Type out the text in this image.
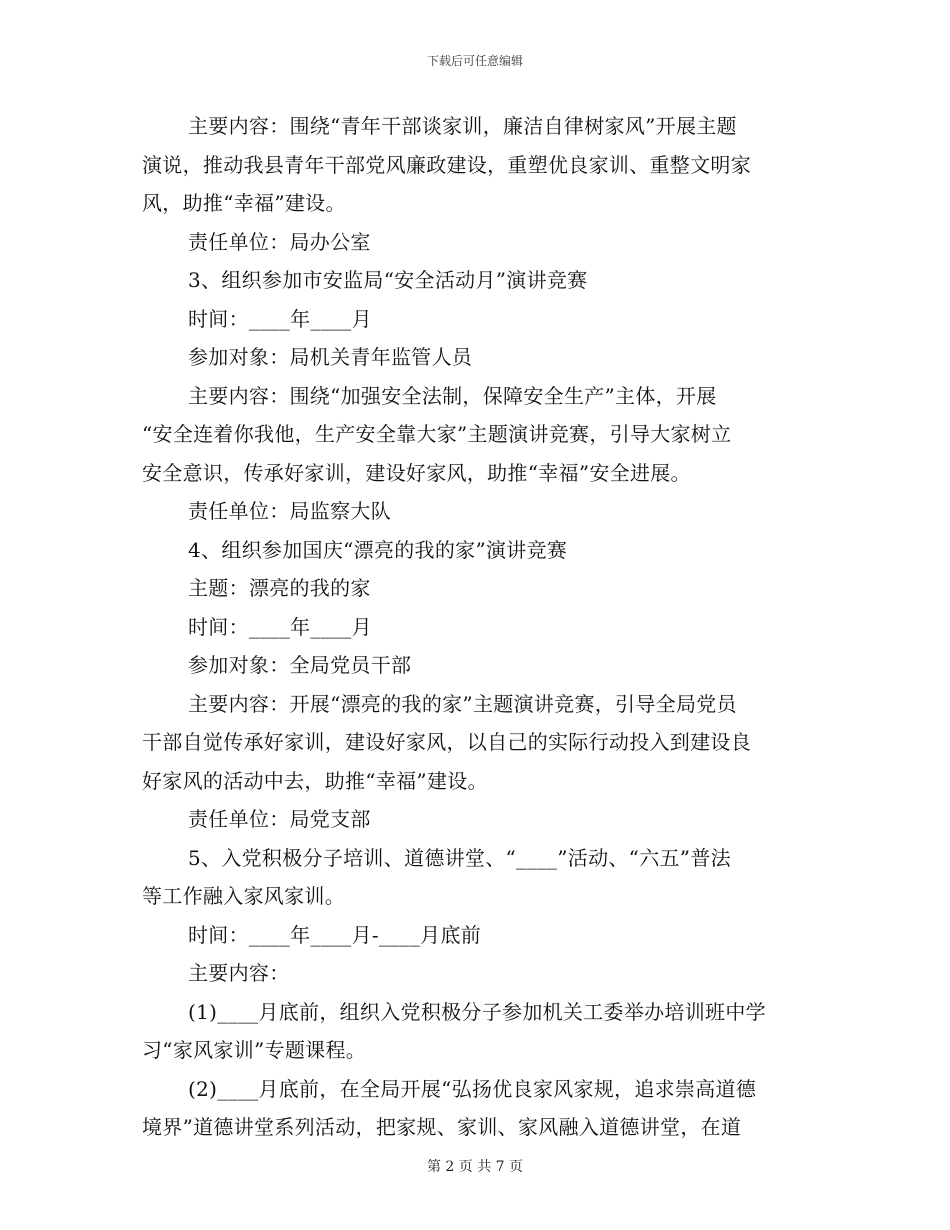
下载后可任意编辑
主要内容：围绕“青年干部谈家训，廉洁自律树家风”开展主题
演说，推动我县青年干部党风廉政建设，重塑优良家训、重整文明家
风，助推“幸福”建设。
责任单位：局办公室
3、组织参加市安监局“安全活动月”演讲竞赛
时间：____年____月
参加对象：局机关青年监管人员
主要内容：围绕“加强安全法制，保障安全生产”主体，开展
“安全连着你我他，生产安全靠大家”主题演讲竞赛，引导大家树立
安全意识，传承好家训，建设好家风，助推“幸福”安全进展。
责任单位：局监察大队
4、组织参加国庆“漂亮的我的家”演讲竞赛
主题：漂亮的我的家
时间：____年____月
参加对象：全局党员干部
主要内容：开展“漂亮的我的家”主题演讲竞赛，引导全局党员
干部自觉传承好家训，建设好家风，以自己的实际行动投入到建设良
好家风的活动中去，助推“幸福”建设。
责任单位：局党支部
5、入党积极分子培训、道德讲堂、“____”活动、“六五”普法
等工作融入家风家训。
时间：____年____月-____月底前
主要内容：
(1)____月底前，组织入党积极分子参加机关工委举办培训班中学
习“家风家训”专题课程。
(2)____月底前，在全局开展“弘扬优良家风家规，追求崇高道德
境界”道德讲堂系列活动，把家规、家训、家风融入道德讲堂，在道
第 2 页 共 7 页
